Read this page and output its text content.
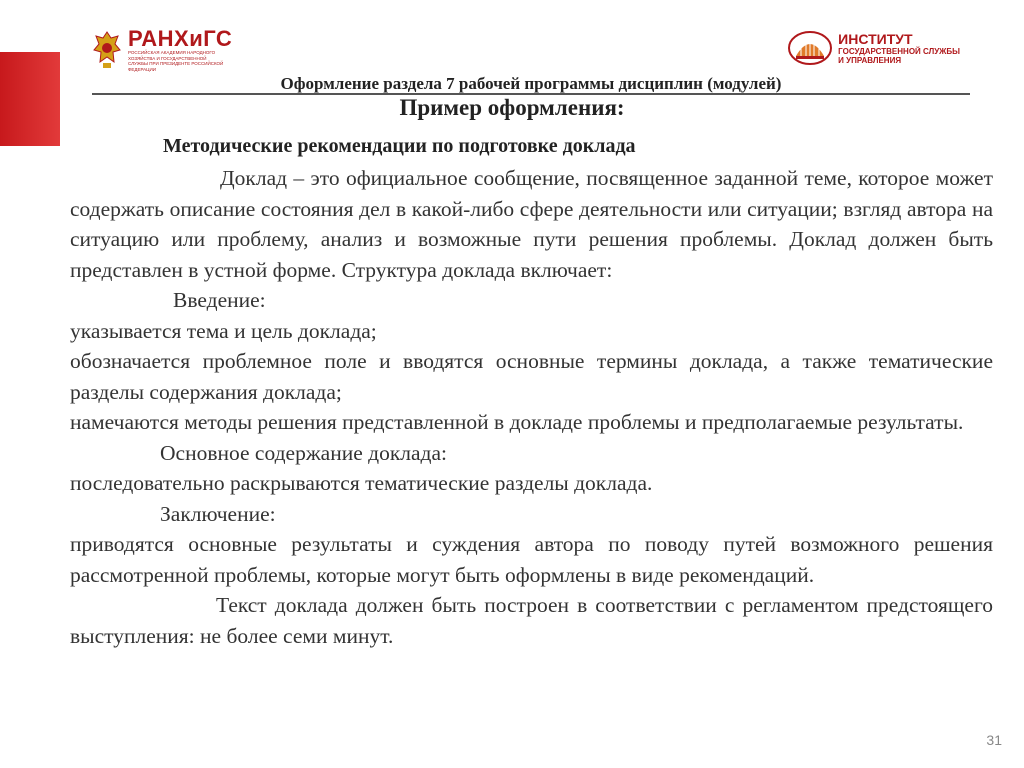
РАНХиГС
РОССИЙСКАЯ АКАДЕМИЯ НАРОДНОГО ХОЗЯЙСТВА И ГОСУДАРСТВЕННОЙ СЛУЖБЫ ПРИ ПРЕЗИДЕНТЕ РОССИЙСКОЙ ФЕДЕРАЦИИ
ИНСТИТУТ
ГОСУДАРСТВЕННОЙ СЛУЖБЫ
И УПРАВЛЕНИЯ
Оформление раздела 7 рабочей программы дисциплин (модулей)
Пример оформления:
Методические рекомендации по подготовке доклада

Доклад – это официальное сообщение, посвященное заданной теме, которое может содержать описание состояния дел в какой-либо сфере деятельности или ситуации; взгляд автора на ситуацию или проблему, анализ и возможные пути решения проблемы. Доклад должен быть представлен в устной форме. Структура доклада включает:

Введение:

указывается тема и цель доклада;

обозначается проблемное поле и вводятся основные термины доклада, а также тематические разделы содержания доклада;

намечаются методы решения представленной в докладе проблемы и предполагаемые результаты.

Основное содержание доклада:

последовательно раскрываются тематические разделы доклада.

Заключение:

приводятся основные результаты и суждения автора по поводу путей возможного решения рассмотренной проблемы, которые могут быть оформлены в виде рекомендаций.

Текст доклада должен быть построен в соответствии с регламентом предстоящего выступления: не более семи минут.

31
